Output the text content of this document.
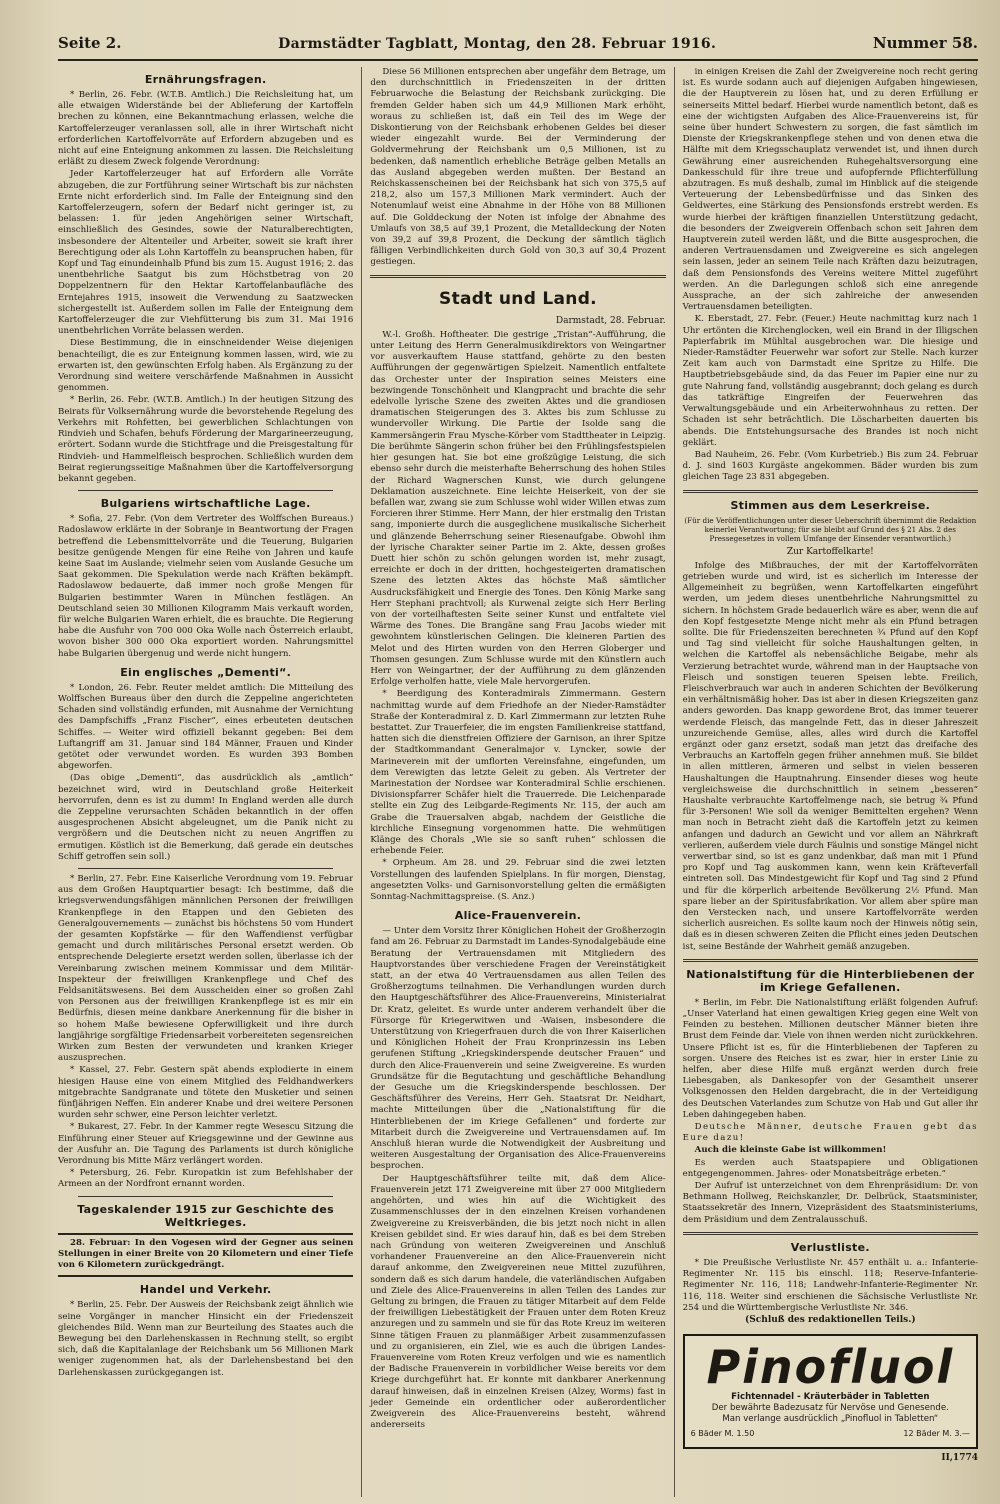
Seite 2.	Darmstädter Tagblatt, Montag, den 28. Februar 1916.	Nummer 58.
Ernährungsfragen.

* Berlin, 26. Febr. (W.T.B. Amtlich.) Die Reichsleitung hat, um alle etwaigen Widerstände bei der Ablieferung der Kartoffeln brechen zu können, eine Bekanntmachung erlassen, welche die Kartoffelerzeuger veranlassen soll, alle in ihrer Wirtschaft nicht erforderlichen Kartoffelvorräte auf Erfordern abzugeben und es nicht auf eine Enteignung ankommen zu lassen. Die Reichsleitung erläßt zu diesem Zweck folgende Verordnung:

Jeder Kartoffelerzeuger hat auf Erfordern alle Vorräte abzugeben, die zur Fortführung seiner Wirtschaft bis zur nächsten Ernte nicht erforderlich sind. Im Falle der Enteignung sind den Kartoffelerzeugern, sofern der Bedarf nicht geringer ist, zu belassen: 1. für jeden Angehörigen seiner Wirtschaft, einschließlich des Gesindes, sowie der Naturalberechtigten, insbesondere der Altenteiler und Arbeiter, soweit sie kraft ihrer Berechtigung oder als Lohn Kartoffeln zu beanspruchen haben, für Kopf und Tag einundeinhalb Pfund bis zum 15. August 1916; 2. das unentbehrliche Saatgut bis zum Höchstbetrag von 20 Doppelzentnern für den Hektar Kartoffelanbaufläche des Erntejahres 1915, insoweit die Verwendung zu Saatzwecken sichergestellt ist. Außerdem sollen im Falle der Enteignung dem Kartoffelerzeuger die zur Viehfütterung bis zum 31. Mai 1916 unentbehrlichen Vorräte belassen werden.

Diese Bestimmung, die in einschneidender Weise diejenigen benachteiligt, die es zur Enteignung kommen lassen, wird, wie zu erwarten ist, den gewünschten Erfolg haben. Als Ergänzung zu der Verordnung sind weitere verschärfende Maßnahmen in Aussicht genommen.

* Berlin, 26. Febr. (W.T.B. Amtlich.) In der heutigen Sitzung des Beirats für Volksernährung wurde die bevorstehende Regelung des Verkehrs mit Rohfetten, bei gewerblichen Schlachtungen von Rindvieh und Schafen, behufs Förderung der Margarineerzeugung, erörtert. Sodann wurde die Stichtfrage und die Preisgestaltung für Rindvieh- und Hammelfleisch besprochen. Schließlich wurden dem Beirat regierungsseitige Maßnahmen über die Kartoffelversorgung bekannt gegeben.

Bulgariens wirtschaftliche Lage.

* Sofia, 27. Febr. (Von dem Vertreter des Wolffschen Bureaus.) Radoslawow erklärte in der Sobranje in Beantwortung der Fragen betreffend die Lebensmittelvorräte und die Teuerung, Bulgarien besitze genügende Mengen für eine Reihe von Jahren und kaufe keine Saat im Auslande; vielmehr seien vom Auslande Gesuche um Saat gekommen. Die Spekulation werde nach Kräften bekämpft. Radoslawow bedauerte, daß immer noch große Mengen für Bulgarien bestimmter Waren in München festlägen. An Deutschland seien 30 Millionen Kilogramm Mais verkauft worden, für welche Bulgarien Waren erhielt, die es brauchte. Die Regierung habe die Ausfuhr von 700 000 Oka Wolle nach Österreich erlaubt, wovon bisher 300 000 Oka exportiert worden. Nahrungsmittel habe Bulgarien übergenug und werde nicht hungern.

Ein englisches „Dementi“.

* London, 26. Febr. Reuter meldet amtlich: Die Mitteilung des Wolffschen Bureaus über den durch die Zeppeline angerichteten Schaden sind vollständig erfunden, mit Ausnahme der Vernichtung des Dampfschiffs „Franz Fischer“, eines erbeuteten deutschen Schiffes. — Weiter wird offiziell bekannt gegeben: Bei dem Luftangriff am 31. Januar sind 184 Männer, Frauen und Kinder getötet oder verwundet worden. Es wurden 393 Bomben abgeworfen.

(Das obige „Dementi“, das ausdrücklich als „amtlich“ bezeichnet wird, wird in Deutschland große Heiterkeit hervorrufen, denn es ist zu dumm! In England werden alle durch die Zeppeline verursachten Schäden bekanntlich in der offen ausgesprochenen Absicht abgeleugnet, um die Panik nicht zu vergrößern und die Deutschen nicht zu neuen Angriffen zu ermutigen. Köstlich ist die Bemerkung, daß gerade ein deutsches Schiff getroffen sein soll.)

* Berlin, 27. Febr. Eine Kaiserliche Verordnung vom 19. Februar aus dem Großen Hauptquartier besagt: Ich bestimme, daß die kriegsverwendungsfähigen männlichen Personen der freiwilligen Krankenpflege in den Etappen und den Gebieten des Generalgouvernements — zunächst bis höchstens 50 vom Hundert der gesamten Kopfstärke — für den Waffendienst verfügbar gemacht und durch militärisches Personal ersetzt werden. Ob entsprechende Delegierte ersetzt werden sollen, überlasse ich der Vereinbarung zwischen meinem Kommissar und dem Militär-Inspekteur der freiwilligen Krankenpflege und Chef des Feldsanitätswesens. Bei dem Ausscheiden einer so großen Zahl von Personen aus der freiwilligen Krankenpflege ist es mir ein Bedürfnis, diesen meine dankbare Anerkennung für die bisher in so hohem Maße bewiesene Opferwilligkeit und ihre durch langjährige sorgfältige Friedensarbeit vorbereiteten segensreichen Wirken zum Besten der verwundeten und kranken Krieger auszusprechen.

* Kassel, 27. Febr. Gestern spät abends explodierte in einem hiesigen Hause eine von einem Mitglied des Feldhandwerkers mitgebrachte Sandgranate und tötete den Musketier und seinen fünfjährigen Neffen. Ein anderer Knabe und drei weitere Personen wurden sehr schwer, eine Person leichter verletzt.

* Bukarest, 27. Febr. In der Kammer regte Wesescu Sitzung die Einführung einer Steuer auf Kriegsgewinne und der Gewinne aus der Ausfuhr an. Die Tagung des Parlaments ist durch königliche Verordnung bis Mitte März verlängert worden.

* Petersburg, 26. Febr. Kuropatkin ist zum Befehlshaber der Armeen an der Nordfront ernannt worden.

Tageskalender 1915 zur Geschichte des Weltkrieges.

28. Februar: In den Vogesen wird der Gegner aus seinen Stellungen in einer Breite von 20 Kilometern und einer Tiefe von 6 Kilometern zurückgedrängt.

Handel und Verkehr.

* Berlin, 25. Febr. Der Ausweis der Reichsbank zeigt ähnlich wie seine Vorgänger in mancher Hinsicht ein der Friedenszeit gleichendes Bild. Wenn man zur Beurteilung des Staates auch die Bewegung bei den Darlehenskassen in Rechnung stellt, so ergibt sich, daß die Kapitalanlage der Reichsbank um 56 Millionen Mark weniger zugenommen hat, als der Darlehensbestand bei den Darlehenskassen zurückgegangen ist.

Diese 56 Millionen entsprechen aber ungefähr dem Betrage, um den durchschnittlich in Friedenszeiten in der dritten Februarwoche die Belastung der Reichsbank zurückging. Die fremden Gelder haben sich um 44,9 Millionen Mark erhöht, woraus zu schließen ist, daß ein Teil des im Wege der Diskontierung von der Reichsbank erhobenen Geldes bei dieser wieder eingezahlt wurde. Bei der Verminderung der Goldvermehrung der Reichsbank um 0,5 Millionen, ist zu bedenken, daß namentlich erhebliche Beträge gelben Metalls an das Ausland abgegeben werden mußten. Der Bestand an Reichskassenscheinen bei der Reichsbank hat sich von 375,5 auf 218,2, also um 157,3 Millionen Mark vermindert. Auch der Notenumlauf weist eine Abnahme in der Höhe von 88 Millionen auf. Die Golddeckung der Noten ist infolge der Abnahme des Umlaufs von 38,5 auf 39,1 Prozent, die Metalldeckung der Noten von 39,2 auf 39,8 Prozent, die Deckung der sämtlich täglich fälligen Verbindlichkeiten durch Gold von 30,3 auf 30,4 Prozent gestiegen.

Stadt und Land.
Darmstadt, 28. Februar.

W.-l. Großh. Hoftheater. Die gestrige „Tristan“-Aufführung, die unter Leitung des Herrn Generalmusikdirektors von Weingartner vor ausverkauftem Hause stattfand, gehörte zu den besten Aufführungen der gegenwärtigen Spielzeit. Namentlich entfaltete das Orchester unter der Inspiration seines Meisters eine bezwingende Tonschönheit und Klangpracht und brachte die sehr edelvolle lyrische Szene des zweiten Aktes und die grandiosen dramatischen Steigerungen des 3. Aktes bis zum Schlusse zu wundervoller Wirkung. Die Partie der Isolde sang die Kammersängerin Frau Mysche-Körber vom Stadttheater in Leipzig. Die berühmte Sängerin schon früher bei den Frühlingsfestspielen hier gesungen hat. Sie bot eine großzügige Leistung, die sich ebenso sehr durch die meisterhafte Beherrschung des hohen Stiles der Richard Wagnerschen Kunst, wie durch gelungene Deklamation auszeichnete. Eine leichte Heiserkeit, von der sie befallen war, zwang sie zum Schlusse wohl wider Willen etwas zum Forcieren ihrer Stimme. Herr Mann, der hier erstmalig den Tristan sang, imponierte durch die ausgeglichene musikalische Sicherheit und glänzende Beherrschung seiner Riesenaufgabe. Obwohl ihm der lyrische Charakter seiner Partie im 2. Akte, dessen großes Duett hier schön zu schön gelungen worden ist, mehr zusagt, erreichte er doch in der dritten, hochgesteigerten dramatischen Szene des letzten Aktes das höchste Maß sämtlicher Ausdrucksfähigkeit und Energie des Tones. Den König Marke sang Herr Stephani prachtvoll; als Kurwenal zeigte sich Herr Berling von der vorteilhaftesten Seite seiner Kunst und entfaltete viel Wärme des Tones. Die Brangäne sang Frau Jacobs wieder mit gewohntem künstlerischen Gelingen. Die kleineren Partien des Melot und des Hirten wurden von den Herren Globerger und Thomsen gesungen. Zum Schlusse wurde mit den Künstlern auch Herr von Weingartner, der der Aufführung zu dem glänzenden Erfolge verholfen hatte, viele Male hervorgerufen.

* Beerdigung des Konteradmirals Zimmermann. Gestern nachmittag wurde auf dem Friedhofe an der Nieder-Ramstädter Straße der Konteradmiral z. D. Karl Zimmermann zur letzten Ruhe bestattet. Zur Trauerfeier, die im engsten Familienkreise stattfand, hatten sich die dienstfreien Offiziere der Garnison, an ihrer Spitze der Stadtkommandant Generalmajor v. Lyncker, sowie der Marineverein mit der umflorten Vereinsfahne, eingefunden, um dem Verewigten das letzte Geleit zu geben. Als Vertreter der Marinestation der Nordsee war Konteradmiral Schlie erschienen. Divisionspfarrer Schäfer hielt die Trauerrede. Die Leichenparade stellte ein Zug des Leibgarde-Regiments Nr. 115, der auch am Grabe die Trauersalven abgab, nachdem der Geistliche die kirchliche Einsegnung vorgenommen hatte. Die wehmütigen Klänge des Chorals „Wie sie so sanft ruhen“ schlossen die erhebende Feier.

* Orpheum. Am 28. und 29. Februar sind die zwei letzten Vorstellungen des laufenden Spielplans. In für morgen, Dienstag, angesetzten Volks- und Garnisonvorstellung gelten die ermäßigten Sonntag-Nachmittagspreise. (S. Anz.)

Alice-Frauenverein.

— Unter dem Vorsitz Ihrer Königlichen Hoheit der Großherzogin fand am 26. Februar zu Darmstadt im Landes-Synodalgebäude eine Beratung der Vertrauensdamen mit Mitgliedern des Hauptvorstandes über verschiedene Fragen der Vereinstätigkeit statt, an der etwa 40 Vertrauensdamen aus allen Teilen des Großherzogtums teilnahmen. Die Verhandlungen wurden durch den Hauptgeschäftsführer des Alice-Frauenvereins, Ministerialrat Dr. Kratz, geleitet. Es wurde unter anderem verhandelt über die Fürsorge für Kriegerwitwen und -Waisen, insbesondere die Unterstützung von Kriegerfrauen durch die von Ihrer Kaiserlichen und Königlichen Hoheit der Frau Kronprinzessin ins Leben gerufenen Stiftung „Kriegskinderspende deutscher Frauen“ und durch den Alice-Frauenverein und seine Zweigvereine. Es wurden Grundsätze für die Begutachtung und geschäftliche Behandlung der Gesuche um die Kriegskinderspende beschlossen. Der Geschäftsführer des Vereins, Herr Geh. Staatsrat Dr. Neidhart, machte Mitteilungen über die „Nationalstiftung für die Hinterbliebenen der im Kriege Gefallenen“ und forderte zur Mitarbeit durch die Zweigvereine und Vertrauensdamen auf. Im Anschluß hieran wurde die Notwendigkeit der Ausbreitung und weiteren Ausgestaltung der Organisation des Alice-Frauenvereins besprochen.

Der Hauptgeschäftsführer teilte mit, daß dem Alice-Frauenverein jetzt 171 Zweigvereine mit über 27 000 Mitgliedern angehörten, und wies hin auf die Wichtigkeit des Zusammenschlusses der in den einzelnen Kreisen vorhandenen Zweigvereine zu Kreisverbänden, die bis jetzt noch nicht in allen Kreisen gebildet sind. Er wies darauf hin, daß es bei dem Streben nach Gründung von weiteren Zweigvereinen und Anschluß vorhandener Frauenvereine an den Alice-Frauenverein nicht darauf ankomme, den Zweigvereinen neue Mittel zuzuführen, sondern daß es sich darum handele, die vaterländischen Aufgaben und Ziele des Alice-Frauenvereins in allen Teilen des Landes zur Geltung zu bringen, die Frauen zu tätiger Mitarbeit auf dem Felde der freiwilligen Liebestätigkeit der Frauen unter dem Roten Kreuz anzuregen und zu sammeln und sie für das Rote Kreuz im weiteren Sinne tätigen Frauen zu planmäßiger Arbeit zusammenzufassen und zu organisieren, ein Ziel, wie es auch die übrigen Landes-Frauenvereine vom Roten Kreuz verfolgen und wie es namentlich der Badische Frauenverein in vorbildlicher Weise bereits vor dem Kriege durchgeführt hat. Er konnte mit dankbarer Anerkennung darauf hinweisen, daß in einzelnen Kreisen (Alzey, Worms) fast in jeder Gemeinde ein ordentlicher oder außerordentlicher Zweigverein des Alice-Frauenvereins besteht, während andererseits

in einigen Kreisen die Zahl der Zweigvereine noch recht gering ist. Es wurde sodann auch auf diejenigen Aufgaben hingewiesen, die der Hauptverein zu lösen hat, und zu deren Erfüllung er seinerseits Mittel bedarf. Hierbei wurde namentlich betont, daß es eine der wichtigsten Aufgaben des Alice-Frauenvereins ist, für seine über hundert Schwestern zu sorgen, die fast sämtlich im Dienste der Kriegskrankenpflege stehen und von denen etwa die Hälfte mit dem Kriegsschauplatz verwendet ist, und ihnen durch Gewährung einer ausreichenden Ruhegehaltsversorgung eine Dankesschuld für ihre treue und aufopfernde Pflichterfüllung abzutragen. Es muß deshalb, zumal im Hinblick auf die steigende Verteuerung der Lebensbedürfnisse und das Sinken des Geldwertes, eine Stärkung des Pensionsfonds erstrebt werden. Es wurde hierbei der kräftigen finanziellen Unterstützung gedacht, die besonders der Zweigverein Offenbach schon seit Jahren dem Hauptverein zuteil werden läßt, und die Bitte ausgesprochen, die anderen Vertrauensdamen und Zweigvereine es sich angelegen sein lassen, jeder an seinem Teile nach Kräften dazu beizutragen, daß dem Pensionsfonds des Vereins weitere Mittel zugeführt werden. An die Darlegungen schloß sich eine anregende Aussprache, an der sich zahlreiche der anwesenden Vertrauensdamen beteiligten.

K. Eberstadt, 27. Febr. (Feuer.) Heute nachmittag kurz nach 1 Uhr ertönten die Kirchenglocken, weil ein Brand in der Illigschen Papierfabrik im Mühltal ausgebrochen war. Die hiesige und Nieder-Ramstädter Feuerwehr war sofort zur Stelle. Nach kurzer Zeit kam auch von Darmstadt eine Spritze zu Hilfe. Die Hauptbetriebsgebäude sind, da das Feuer im Papier eine nur zu gute Nahrung fand, vollständig ausgebrannt; doch gelang es durch das tatkräftige Eingreifen der Feuerwehren das Verwaltungsgebäude und ein Arbeiterwohnhaus zu retten. Der Schaden ist sehr beträchtlich. Die Löscharbeiten dauerten bis abends. Die Entstehungsursache des Brandes ist noch nicht geklärt.

Bad Nauheim, 26. Febr. (Vom Kurbetrieb.) Bis zum 24. Februar d. J. sind 1603 Kurgäste angekommen. Bäder wurden bis zum gleichen Tage 23 831 abgegeben.

Stimmen aus dem Leserkreise.
(Für die Veröffentlichungen unter dieser Ueberschrift übernimmt die Redaktion keinerlei Verantwortung; für sie bleibt auf Grund des § 21 Abs. 2 des Pressegesetzes in vollem Umfange der Einsender verantwortlich.)
Zur Kartoffelkarte!

Infolge des Mißbrauches, der mit der Kartoffelvorräten getrieben wurde und wird, ist es sicherlich im Interesse der Allgemeinheit zu begrüßen, wenn Kartoffelkarten eingeführt werden, um jedem dieses unentbehrliche Nahrungsmittel zu sichern. In höchstem Grade bedauerlich wäre es aber, wenn die auf den Kopf festgesetzte Menge nicht mehr als ein Pfund betragen sollte. Die für Friedenszeiten berechneten ¾ Pfund auf den Kopf und Tag sind vielleicht für solche Haushaltungen gelten, in welchen die Kartoffel als nebensächliche Beigabe, mehr als Verzierung betrachtet wurde, während man in der Hauptsache von Fleisch und sonstigen teueren Speisen lebte. Freilich, Fleischverbrauch war auch in anderen Schichten der Bevölkerung ein verhältnismäßig hoher. Das ist aber in diesen Kriegszeiten ganz anders geworden. Das knapp gewordene Brot, das immer teuerer werdende Fleisch, das mangelnde Fett, das in dieser Jahreszeit unzureichende Gemüse, alles, alles wird durch die Kartoffel ergänzt oder ganz ersetzt, sodaß man jetzt das dreifache des Verbrauchs an Kartoffeln gegen früher annehmen muß. Sie bildet in allen mittleren, ärmeren und selbst in vielen besseren Haushaltungen die Hauptnahrung. Einsender dieses wog heute vergleichsweise die durchschnittlich in seinem „besseren“ Haushalte verbrauchte Kartoffelmenge nach, sie betrug ¾ Pfund für 3-Personen! Wie soll da weniger Bemittelten ergehen? Wenn man noch in Betracht zieht daß die Kartoffeln jetzt zu keimen anfangen und dadurch an Gewicht und vor allem an Nährkraft verlieren, außerdem viele durch Fäulnis und sonstige Mängel nicht verwertbar sind, so ist es ganz undenkbar, daß man mit 1 Pfund pro Kopf und Tag auskommen kann, wenn kein Kräfteverfall eintreten soll. Das Mindestgewicht für Kopf und Tag sind 2 Pfund und für die körperlich arbeitende Bevölkerung 2½ Pfund. Man spare lieber an der Spiritusfabrikation. Vor allem aber spüre man den Verstecken nach, und unsere Kartoffelvorräte werden sicherlich ausreichen. Es sollte kaum noch der Hinweis nötig sein, daß es in diesen schweren Zeiten die Pflicht eines jeden Deutschen ist, seine Bestände der Wahrheit gemäß anzugeben.

Nationalstiftung für die Hinterbliebenen der im Kriege Gefallenen.

* Berlin, im Febr. Die Nationalstiftung erläßt folgenden Aufruf: „Unser Vaterland hat einen gewaltigen Krieg gegen eine Welt von Feinden zu bestehen. Millionen deutscher Männer bieten ihre Brust dem Feinde dar. Viele von ihnen werden nicht zurückkehren. Unsere Pflicht ist es, für die Hinterbliebenen der Tapferen zu sorgen. Unsere des Reiches ist es zwar, hier in erster Linie zu helfen, aber diese Hilfe muß ergänzt werden durch freie Liebesgaben, als Dankesopfer von der Gesamtheit unserer Volksgenossen den Helden dargebracht, die in der Verteidigung des Deutschen Vaterlandes zum Schutze von Hab und Gut aller ihr Leben dahingegeben haben.

Deutsche Männer, deutsche Frauen gebt das Eure dazu!

Auch die kleinste Gabe ist willkommen!

Es werden auch Staatspapiere und Obligationen entgegengenommen. Jahres- oder Monatsbeiträge erbeten.“

Der Aufruf ist unterzeichnet von dem Ehrenpräsidium: Dr. von Bethmann Hollweg, Reichskanzler, Dr. Delbrück, Staatsminister, Staatssekretär des Innern, Vizepräsident des Staatsministeriums, dem Präsidium und dem Zentralausschuß.

Verlustliste.

* Die Preußische Verlustliste Nr. 457 enthält u. a.: Infanterie-Regimenter Nr. 115 bis einschl. 118; Reserve-Infanterie-Regimenter Nr. 116, 118; Landwehr-Infanterie-Regimenter Nr. 116, 118. Weiter sind erschienen die Sächsische Verlustliste Nr. 254 und die Württembergische Verlustliste Nr. 346.

(Schluß des redaktionellen Teils.)
Pinofluol
Fichtennadel - Kräuterbäder in Tabletten
Der bewährte Badezusatz für Nervöse und Genesende.
Man verlange ausdrücklich „Pinofluol in Tabletten“
6 Bäder M. 1.50	12 Bäder M. 3.—
II,1774
